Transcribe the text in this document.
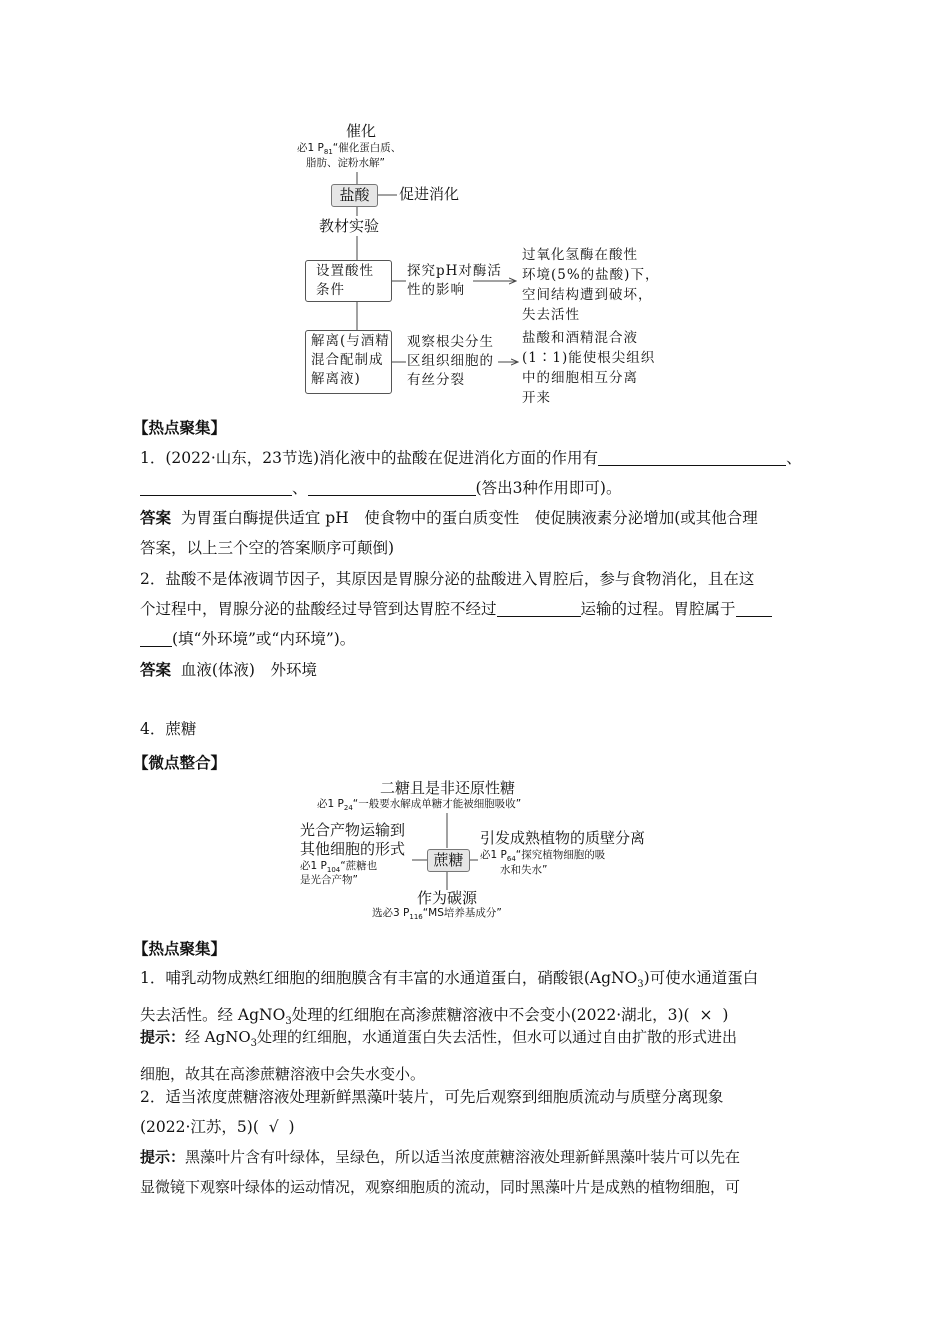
催化
必1 $P_{81}“$催化蛋白质、
脂肪、淀粉水解”
盐酸	促进消化
教材实验
设置酸性
条件
探究pH对酶活
性的影响
过氧化氢酶在酸性
环境(5%的盐酸)下，
空间结构遭到破坏，
失去活性
解离(与酒精
混合配制成
解离液)
观察根尖分生
区组织细胞的
有丝分裂
盐酸和酒精混合液
(1∶1)能使根尖组织
中的细胞相互分离
开来
【热点聚集】
1．(2022·山东，23节选)消化液中的盐酸在促进消化方面的作用有	、
、	(答出3种作用即可)。
答案 为胃蛋白酶提供适宜 pH　使食物中的蛋白质变性　使促胰液素分泌增加(或其他合理
答案，以上三个空的答案顺序可颠倒)
2．盐酸不是体液调节因子，其原因是胃腺分泌的盐酸进入胃腔后，参与食物消化，且在这
个过程中，胃腺分泌的盐酸经过导管到达胃腔不经过	运输的过程。胃腔属于
(填“外环境”或“内环境”)。
答案 血液(体液)　外环境
4．蔗糖
【微点整合】
二糖且是非还原性糖
必1 $P_{24}“$一般要水解成单糖才能被细胞吸收”
光合产物运输到
其他细胞的形式
必1 $P_{104}“$蔗糖也
是光合产物”
蔗糖
引发成熟植物的质壁分离
必1 $P_{64}“$探究植物细胞的吸
水和失水”
作为碳源
选必3 $P_{116}“MS$培养基成分”
【热点聚集】
1．哺乳动物成熟红细胞的细胞膜含有丰富的水通道蛋白，硝酸银(AgNO$_3$)可使水通道蛋白
失去活性。经 AgNO$_3$处理的红细胞在高渗蔗糖溶液中不会变小(2022·湖北，3)( × )
提示：经 AgNO$_3$处理的红细胞，水通道蛋白失去活性，但水可以通过自由扩散的形式进出
细胞，故其在高渗蔗糖溶液中会失水变小。
2．适当浓度蔗糖溶液处理新鲜黑藻叶装片，可先后观察到细胞质流动与质壁分离现象
(2022·江苏，5)( √ )
提示：黑藻叶片含有叶绿体，呈绿色，所以适当浓度蔗糖溶液处理新鲜黑藻叶装片可以先在
显微镜下观察叶绿体的运动情况，观察细胞质的流动，同时黑藻叶片是成熟的植物细胞，可
